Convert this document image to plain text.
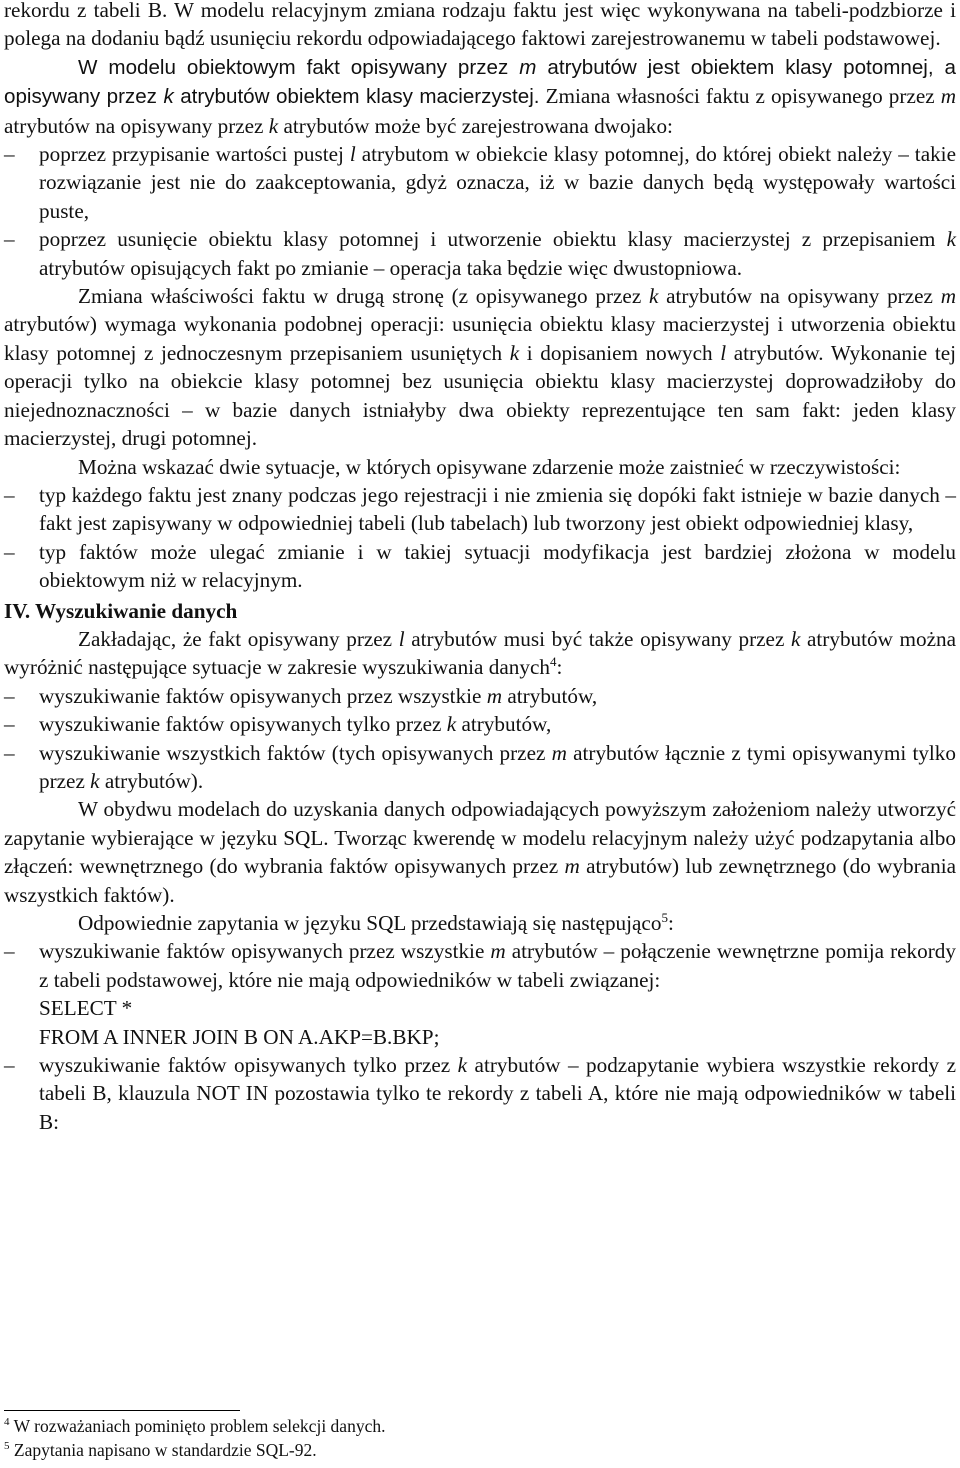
rekordu z tabeli B. W modelu relacyjnym zmiana rodzaju faktu jest więc wykonywana na tabeli-podzbiorze i polega na dodaniu bądź usunięciu rekordu odpowiadającego faktowi zarejestrowanemu w tabeli podstawowej.

W modelu obiektowym fakt opisywany przez m atrybutów jest obiektem klasy potomnej, a opisywany przez k atrybutów obiektem klasy macierzystej. Zmiana własności faktu z opisywanego przez m atrybutów na opisywany przez k atrybutów może być zarejestrowana dwojako:

– poprzez przypisanie wartości pustej l atrybutom w obiekcie klasy potomnej, do której obiekt należy – takie rozwiązanie jest nie do zaakceptowania, gdyż oznacza, iż w bazie danych będą występowały wartości puste,
– poprzez usunięcie obiektu klasy potomnej i utworzenie obiektu klasy macierzystej z przepisaniem k atrybutów opisujących fakt po zmianie – operacja taka będzie więc dwustopniowa.

Zmiana właściwości faktu w drugą stronę (z opisywanego przez k atrybutów na opisywany przez m atrybutów) wymaga wykonania podobnej operacji: usunięcia obiektu klasy macierzystej i utworzenia obiektu klasy potomnej z jednoczesnym przepisaniem usuniętych k i dopisaniem nowych l atrybutów. Wykonanie tej operacji tylko na obiekcie klasy potomnej bez usunięcia obiektu klasy macierzystej doprowadziłoby do niejednoznaczności – w bazie danych istniałyby dwa obiekty reprezentujące ten sam fakt: jeden klasy macierzystej, drugi potomnej.

Można wskazać dwie sytuacje, w których opisywane zdarzenie może zaistnieć w rzeczywistości:

– typ każdego faktu jest znany podczas jego rejestracji i nie zmienia się dopóki fakt istnieje w bazie danych – fakt jest zapisywany w odpowiedniej tabeli (lub tabelach) lub tworzony jest obiekt odpowiedniej klasy,
– typ faktów może ulegać zmianie i w takiej sytuacji modyfikacja jest bardziej złożona w modelu obiektowym niż w relacyjnym.

IV. Wyszukiwanie danych

Zakładając, że fakt opisywany przez l atrybutów musi być także opisywany przez k atrybutów można wyróżnić następujące sytuacje w zakresie wyszukiwania danych$^4$:

– wyszukiwanie faktów opisywanych przez wszystkie m atrybutów,
– wyszukiwanie faktów opisywanych tylko przez k atrybutów,
– wyszukiwanie wszystkich faktów (tych opisywanych przez m atrybutów łącznie z tymi opisywanymi tylko przez k atrybutów).

W obydwu modelach do uzyskania danych odpowiadających powyższym założeniom należy utworzyć zapytanie wybierające w języku SQL. Tworząc kwerendę w modelu relacyjnym należy użyć podzapytania albo złączeń: wewnętrznego (do wybrania faktów opisywanych przez m atrybutów) lub zewnętrznego (do wybrania wszystkich faktów).

Odpowiednie zapytania w języku SQL przedstawiają się następująco$^5$:

– wyszukiwanie faktów opisywanych przez wszystkie m atrybutów – połączenie wewnętrzne pomija rekordy z tabeli podstawowej, które nie mają odpowiedników w tabeli związanej:
SELECT *
FROM A INNER JOIN B ON A.AKP=B.BKP;
– wyszukiwanie faktów opisywanych tylko przez k atrybutów – podzapytanie wybiera wszystkie rekordy z tabeli B, klauzula NOT IN pozostawia tylko te rekordy z tabeli A, które nie mają odpowiedników w tabeli B:
$^4$ W rozważaniach pominięto problem selekcji danych.
$^5$ Zapytania napisano w standardzie SQL-92.
